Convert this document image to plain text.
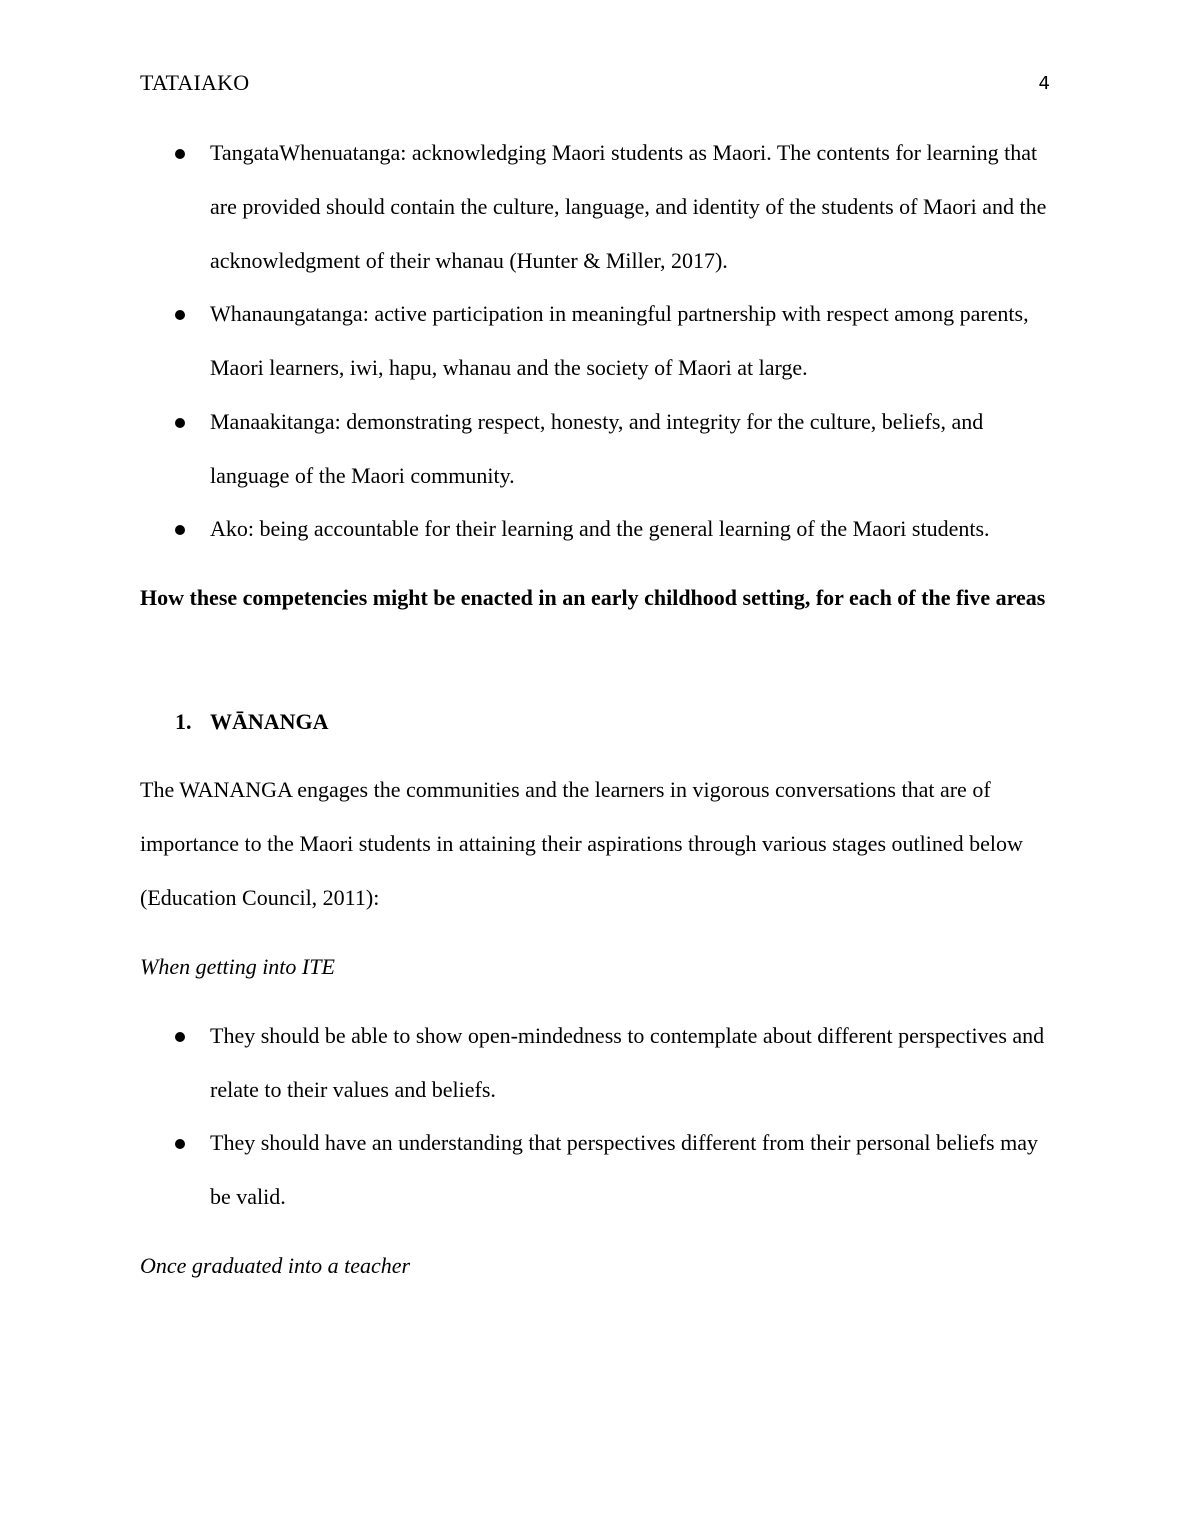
TATAIAKO	4
TangataWhenuatanga: acknowledging Maori students as Maori. The contents for learning that are provided should contain the culture, language, and identity of the students of Maori and the acknowledgment of their whanau (Hunter & Miller, 2017).
Whanaungatanga: active participation in meaningful partnership with respect among parents, Maori learners, iwi, hapu, whanau and the society of Maori at large.
Manaakitanga: demonstrating respect, honesty, and integrity for the culture, beliefs, and language of the Maori community.
Ako: being accountable for their learning and the general learning of the Maori students.
How these competencies might be enacted in an early childhood setting, for each of the five areas
1. WĀNANGA
The WANANGA engages the communities and the learners in vigorous conversations that are of importance to the Maori students in attaining their aspirations through various stages outlined below (Education Council, 2011):
When getting into ITE
They should be able to show open-mindedness to contemplate about different perspectives and relate to their values and beliefs.
They should have an understanding that perspectives different from their personal beliefs may be valid.
Once graduated into a teacher
